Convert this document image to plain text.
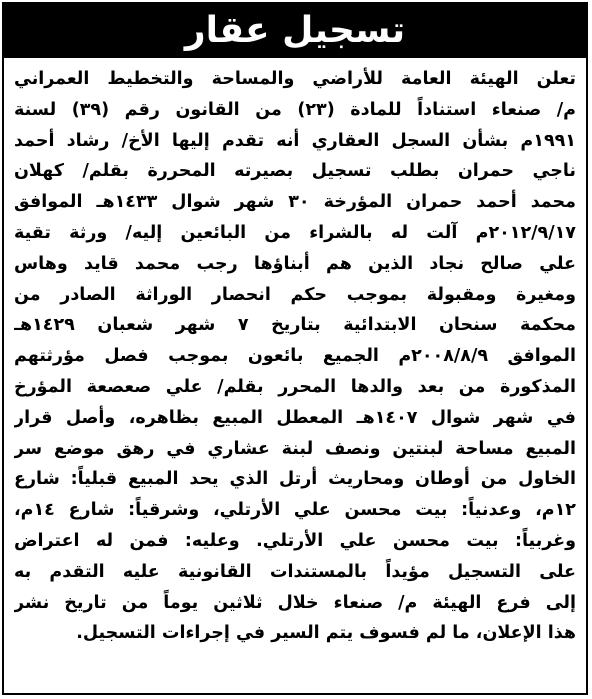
تسجيل عقار
تعلن الهيئة العامة للأراضي والمساحة والتخطيط العمراني
م/ صنعاء استناداً للمادة (٢٣) من القانون رقم (٣٩) لسنة
١٩٩١م بشأن السجل العقاري أنه تقدم إليها الأخ/ رشاد أحمد
ناجي حمران بطلب تسجيل بصيرته المحررة بقلم/ كهلان
محمد أحمد حمران المؤرخة ٣٠ شهر شوال ١٤٣٣هـ الموافق
٢٠١٢/٩/١٧م آلت له بالشراء من البائعين إليه/ ورثة تقية
علي صالح نجاد الذين هم أبناؤها رجب محمد قايد وهاس
ومغيرة ومقبولة بموجب حكم انحصار الوراثة الصادر من
محكمة سنحان الابتدائية بتاريخ ٧ شهر شعبان ١٤٢٩هـ
الموافق ٢٠٠٨/٨/٩م الجميع بائعون بموجب فصل مؤرثتهم
المذكورة من بعد والدها المحرر بقلم/ علي صعصعة المؤرخ
في شهر شوال ١٤٠٧هـ المعطل المبيع بظاهره، وأصل قرار
المبيع مساحة لبنتين ونصف لبنة عشاري في رهق موضع سر
الخاول من أوطان ومحاريث أرتل الذي يحد المبيع قبلياً: شارع
١٢م، وعدنياً: بيت محسن علي الأرتلي، وشرقياً: شارع ١٤م،
وغربياً: بيت محسن علي الأرتلي. وعليه: فمن له اعتراض
على التسجيل مؤيداً بالمستندات القانونية عليه التقدم به
إلى فرع الهيئة م/ صنعاء خلال ثلاثين يوماً من تاريخ نشر
هذا الإعلان، ما لم فسوف يتم السير في إجراءات التسجيل.
